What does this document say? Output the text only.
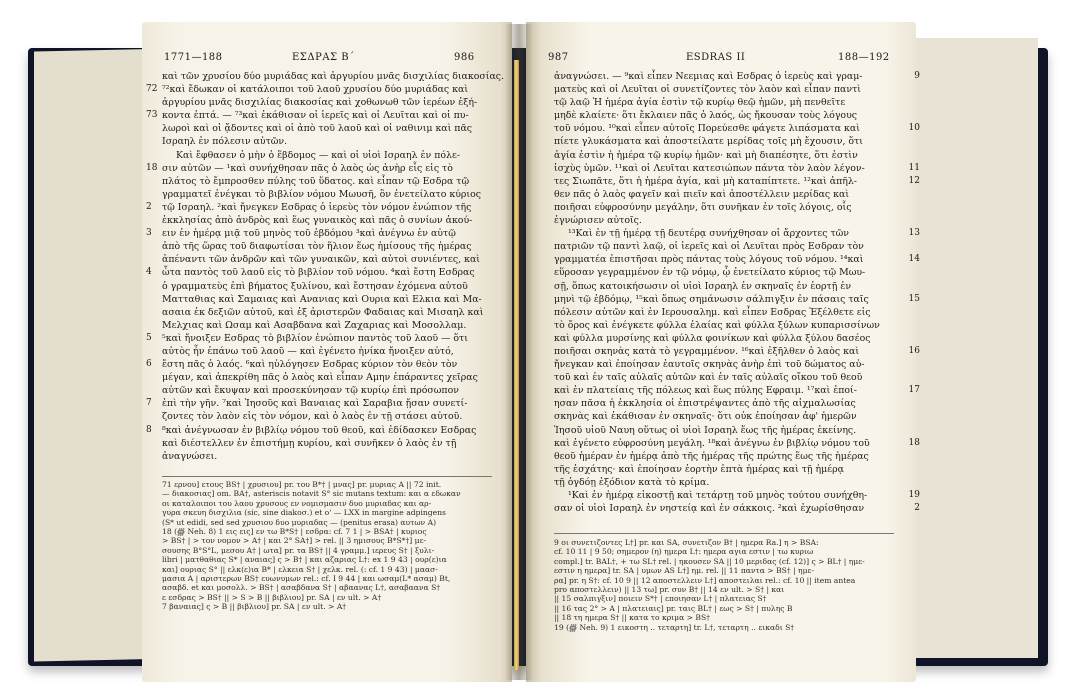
1771—188	ΕΣΔΡΑΣ Β΄	986
καὶ τῶν χρυσίου δύο μυριάδας καὶ ἀργυρίου μνᾶς δισχιλίας διακοσίας.
72 ⁷²καὶ ἔδωκαν οἱ κατάλοιποι τοῦ λαοῦ χρυσίου δύο μυριάδας καὶ
ἀργυρίου μνᾶς δισχιλίας διακοσίας καὶ χοθωνωθ τῶν ἱερέων ἑξή-
73 κοντα ἑπτά. — ⁷³καὶ ἐκάθισαν οἱ ἱερεῖς καὶ οἱ Λευῖται καὶ οἱ πυ-
λωροὶ καὶ οἱ ᾄδοντες καὶ οἱ ἀπὸ τοῦ λαοῦ καὶ οἱ ναθινιμ καὶ πᾶς
Ισραηλ ἐν πόλεσιν αὐτῶν.
Καὶ ἔφθασεν ὁ μὴν ὁ ἕβδομος — καὶ οἱ υἱοὶ Ισραηλ ἐν πόλε-
18 σιν αὐτῶν — ¹καὶ συνήχθησαν πᾶς ὁ λαὸς ὡς ἀνὴρ εἷς εἰς τὸ
πλάτος τὸ ἔμπροσθεν πύλης τοῦ ὕδατος. καὶ εἶπαν τῷ Εσδρα τῷ
γραμματεῖ ἐνέγκαι τὸ βιβλίον νόμου Μωυσῆ, ὃν ἐνετείλατο κύριος
2 τῷ Ισραηλ. ²καὶ ἤνεγκεν Εσδρας ὁ ἱερεὺς τὸν νόμον ἐνώπιον τῆς
ἐκκλησίας ἀπὸ ἀνδρὸς καὶ ἕως γυναικὸς καὶ πᾶς ὁ συνίων ἀκού-
3 ειν ἐν ἡμέρᾳ μιᾷ τοῦ μηνὸς τοῦ ἑβδόμου ³καὶ ἀνέγνω ἐν αὐτῷ
ἀπὸ τῆς ὥρας τοῦ διαφωτίσαι τὸν ἥλιον ἕως ἡμίσους τῆς ἡμέρας
ἀπέναντι τῶν ἀνδρῶν καὶ τῶν γυναικῶν, καὶ αὐτοὶ συνιέντες, καὶ
4 ὦτα παντὸς τοῦ λαοῦ εἰς τὸ βιβλίον τοῦ νόμου. ⁴καὶ ἔστη Εσδρας
ὁ γραμματεὺς ἐπὶ βήματος ξυλίνου, καὶ ἔστησαν ἐχόμενα αὐτοῦ
Ματταθιας καὶ Σαμαιας καὶ Ανανιας καὶ Ουρια καὶ Ελκια καὶ Μα-
ασαια ἐκ δεξιῶν αὐτοῦ, καὶ ἐξ ἀριστερῶν Φαδαιας καὶ Μισαηλ καὶ
Μελχιας καὶ Ωσαμ καὶ Ασαβδανα καὶ Ζαχαριας καὶ Μοσολλαμ.
5 ⁵καὶ ἤνοιξεν Εσδρας τὸ βιβλίον ἐνώπιον παντὸς τοῦ λαοῦ — ὅτι
αὐτὸς ἦν ἐπάνω τοῦ λαοῦ — καὶ ἐγένετο ἡνίκα ἤνοιξεν αὐτό,
6 ἔστη πᾶς ὁ λαός. ⁶καὶ ηὐλόγησεν Εσδρας κύριον τὸν θεὸν τὸν
μέγαν, καὶ ἀπεκρίθη πᾶς ὁ λαὸς καὶ εἶπαν Αμην ἐπάραντες χεῖρας
αὐτῶν καὶ ἔκυψαν καὶ προσεκύνησαν τῷ κυρίῳ ἐπὶ πρόσωπον
7 ἐπὶ τὴν γῆν. ⁷καὶ Ἰησοῦς καὶ Βαναιας καὶ Σαραβια ᾔσαν συνετί-
ζοντες τὸν λαὸν εἰς τὸν νόμον, καὶ ὁ λαὸς ἐν τῇ στάσει αὐτοῦ.
8 ⁸καὶ ἀνέγνωσαν ἐν βιβλίῳ νόμου τοῦ θεοῦ, καὶ ἐδίδασκεν Εσδρας
καὶ διέστελλεν ἐν ἐπιστήμῃ κυρίου, καὶ συνῆκεν ὁ λαὸς ἐν τῇ
ἀναγνώσει.
71 ερνου] ετους BS† | χρυσιου] pr. του B*† | μνας] pr. μυριας A || 72 init.
— διακοσιας] om. BA†, asteriscis notavit S° sic mutans textum: και α εδωκαν
οι καταλοιποι του λαου χρυσους εν νομισμασιν δυο μυριαδας και αρ-
γυρα σκευη δισχιλια (sic, sine diakoσ.) et o' — LXX in margine adpingens
(S* ut edidi, sed sed χρυσιου δυο μυριαδας — (penitus erasa) αυτων A)
18 (∰ Neh. 8) 1 εις εις] εν τω B*S† | εσδρα: cf. 7 1 | > BSA† | κυριος
> BS† | > τον νομον > A† | και 2° SA†] > rel. || 3 ημισους B*S*†] με-
σουσης B°S°L, μεσου A† | ωτα] pr. τα BS† || 4 γραμμ.] ιερευς S† | ξυλι-
libri | ματθαθιας S* | αναιας] ς > B† | και αζαριας L†: ex 1 9 43 | ουρ(ε)ια
και] ουριας S° || ελκ(ε)ια B* | ελκεια S† | χελκ. rel. (: cf. 1 9 43) | μαασ-
μασια A | αριστερων BS† ευωνυμων rel.: cf. I 9 44 | και ωσαμ(L* ασαμ) Bt,
ασαβδ. et και μοσολλ. > BS† | ασαβδανα S† | αβαανας L†, ασαβαανα S†
ε εσδρας > BS† || > S > B || βιβλιου] pr. SA | εν ult. > A†
7 βαναιας] ς > B || βιβλιου] pr. SA | εν ult. > A†
987	ESDRAS II	188—192
ἀναγνώσει. — ⁹καὶ εἶπεν Νεεμιας καὶ Εσδρας ὁ ἱερεὺς καὶ γραμ-	9
ματεὺς καὶ οἱ Λευῖται οἱ συνετίζοντες τὸν λαὸν καὶ εἶπαν παντὶ
τῷ λαῷ Ἡ ἡμέρα ἁγία ἐστὶν τῷ κυρίῳ θεῷ ἡμῶν, μὴ πενθεῖτε
μηδὲ κλαίετε· ὅτι ἔκλαιεν πᾶς ὁ λαός, ὡς ἤκουσαν τοὺς λόγους
τοῦ νόμου. ¹⁰καὶ εἶπεν αὐτοῖς Πορεύεσθε φάγετε λιπάσματα καὶ	10
πίετε γλυκάσματα καὶ ἀποστείλατε μερίδας τοῖς μὴ ἔχουσιν, ὅτι
ἁγία ἐστὶν ἡ ἡμέρα τῷ κυρίῳ ἡμῶν· καὶ μὴ διαπέσητε, ὅτι ἐστὶν
ἰσχὺς ὑμῶν. ¹¹καὶ οἱ Λευῖται κατεσιώπων πάντα τὸν λαὸν λέγον-	11
τες Σιωπᾶτε, ὅτι ἡ ἡμέρα ἁγία, καὶ μὴ καταπίπτετε. ¹²καὶ ἀπῆλ-	12
θεν πᾶς ὁ λαὸς φαγεῖν καὶ πιεῖν καὶ ἀποστέλλειν μερίδας καὶ
ποιῆσαι εὐφροσύνην μεγάλην, ὅτι συνῆκαν ἐν τοῖς λόγοις, οἷς
ἐγνώρισεν αὐτοῖς.
¹³Καὶ ἐν τῇ ἡμέρᾳ τῇ δευτέρᾳ συνήχθησαν οἱ ἄρχοντες τῶν	13
πατριῶν τῷ παντὶ λαῷ, οἱ ἱερεῖς καὶ οἱ Λευῖται πρὸς Εσδραν τὸν
γραμματέα ἐπιστῆσαι πρὸς πάντας τοὺς λόγους τοῦ νόμου. ¹⁴καὶ	14
εὕροσαν γεγραμμένον ἐν τῷ νόμῳ, ᾧ ἐνετείλατο κύριος τῷ Μωυ-
σῇ, ὅπως κατοικήσωσιν οἱ υἱοὶ Ισραηλ ἐν σκηναῖς ἐν ἑορτῇ ἐν
μηνὶ τῷ ἑβδόμῳ, ¹⁵καὶ ὅπως σημάνωσιν σάλπιγξιν ἐν πάσαις ταῖς	15
πόλεσιν αὐτῶν καὶ ἐν Ιερουσαλημ. καὶ εἶπεν Εσδρας Ἐξέλθετε εἰς
τὸ ὄρος καὶ ἐνέγκετε φύλλα ἐλαίας καὶ φύλλα ξύλων κυπαρισσίνων
καὶ φύλλα μυρσίνης καὶ φύλλα φοινίκων καὶ φύλλα ξύλου δασέος
ποιῆσαι σκηνὰς κατὰ τὸ γεγραμμένον. ¹⁶καὶ ἐξῆλθεν ὁ λαὸς καὶ	16
ἤνεγκαν καὶ ἐποίησαν ἑαυτοῖς σκηνὰς ἀνὴρ ἐπὶ τοῦ δώματος αὐ-
τοῦ καὶ ἐν ταῖς αὐλαῖς αὐτῶν καὶ ἐν ταῖς αὐλαῖς οἴκου τοῦ θεοῦ
καὶ ἐν πλατείαις τῆς πόλεως καὶ ἕως πύλης Εφραιμ. ¹⁷καὶ ἐποί-	17
ησαν πᾶσα ἡ ἐκκλησία οἱ ἐπιστρέψαντες ἀπὸ τῆς αἰχμαλωσίας
σκηνὰς καὶ ἐκάθισαν ἐν σκηναῖς· ὅτι οὐκ ἐποίησαν ἀφ' ἡμερῶν
Ἰησοῦ υἱοῦ Ναυη οὕτως οἱ υἱοὶ Ισραηλ ἕως τῆς ἡμέρας ἐκείνης.
καὶ ἐγένετο εὐφροσύνη μεγάλη. ¹⁸καὶ ἀνέγνω ἐν βιβλίῳ νόμου τοῦ	18
θεοῦ ἡμέραν ἐν ἡμέρᾳ ἀπὸ τῆς ἡμέρας τῆς πρώτης ἕως τῆς ἡμέρας
τῆς ἐσχάτης· καὶ ἐποίησαν ἑορτὴν ἑπτὰ ἡμέρας καὶ τῇ ἡμέρᾳ
τῇ ὀγδόῃ ἐξόδιον κατὰ τὸ κρίμα.
¹Καὶ ἐν ἡμέρᾳ εἰκοστῇ καὶ τετάρτῃ τοῦ μηνὸς τούτου συνήχθη-	19
σαν οἱ υἱοὶ Ισραηλ ἐν νηστείᾳ καὶ ἐν σάκκοις. ²καὶ ἐχωρίσθησαν	2
9 οι συνετιζοντες L†] pr. και SA, συνετιζον B† | ημερα Ra.] η > BSA:
cf. 10 11 | 9 50; σημερον (η) ημερα L†: ημερα αγια εστιν | τω κυριω
compl.] tr. BAL†, + τω SL† rel. | ηκουσεν SA || 10 μεριδας (cf. 12)] ς > BL† | ημε-
εστιν η ημερα] tr. SA | υμων AS L†] ημ. rel. || 11 παντα > BS† | ημε-
ρα] pr. η S†: cf. 10 9 || 12 αποστελλειν L†] αποστειλαι rel.: cf. 10 || item antea
pro αποστελλειν) || 13 τω] pr. συν B† || 14 εν ult. > S† | και
|| 15 σαλπιγξιν] ποιειν S*† | εποιησαν L† | πλατειας S†
|| 16 τας 2° > A | πλατειαις] pr. ταις BL† | εως > S† | πυλης B
|| 18 τη ημερα S† || κατα το κριμα > BS†
19 (∰ Neh. 9) 1 εικοστη .. τεταρτη] tr. L†, τεταρτη .. εικαδι S†
